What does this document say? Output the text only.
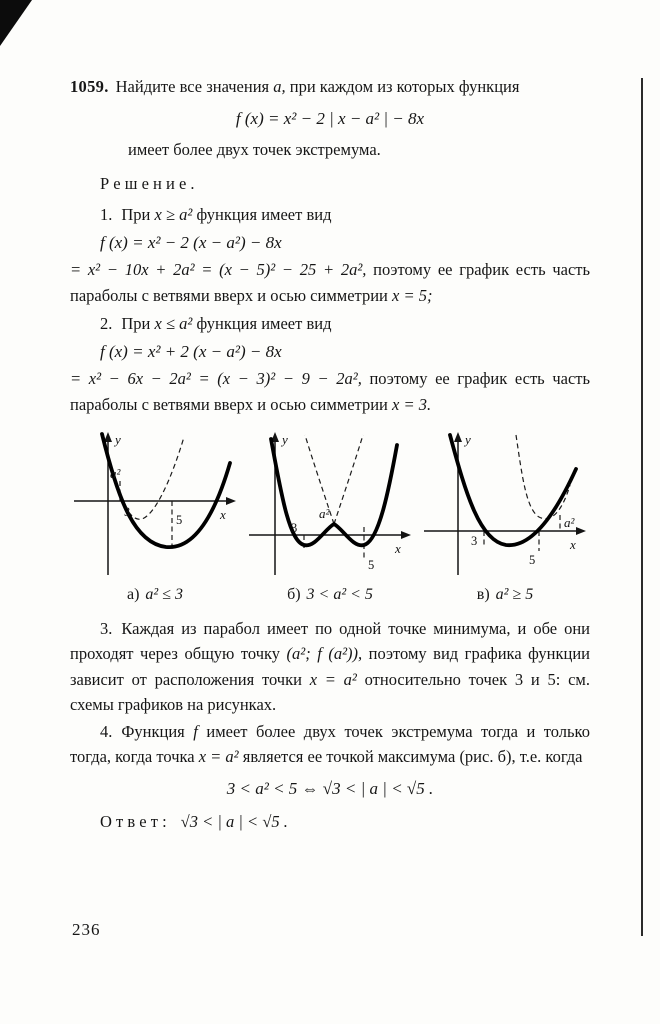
1059. Найдите все значения a, при каждом из которых функция

f (x) = x² − 2 | x − a² | − 8x

имеет более двух точек экстремума.

Р е ш е н и е .

1. При x ≥ a² функция имеет вид

f (x) = x² − 2 (x − a²) − 8x

= x² − 10x + 2a² = (x − 5)² − 25 + 2a², поэтому ее график есть часть параболы с ветвями вверх и осью симметрии x = 5;

2. При x ≤ a² функция имеет вид

f (x) = x² + 2 (x − a²) − 8x

= x² − 6x − 2a² = (x − 3)² − 9 − 2a², поэтому ее график есть часть параболы с ветвями вверх и осью симметрии x = 3.

y
x
a²
3
5
а) a² ≤ 3
y
x
a²
3
5
б) 3 < a² < 5
y
x
a²
3
5
в) a² ≥ 5

3. Каждая из парабол имеет по одной точке минимума, и обе они проходят через общую точку (a²; f (a²)), поэтому вид графика функции зависит от расположения точки x = a² относительно точек 3 и 5: см. схемы графиков на рисунках.

4. Функция f имеет более двух точек экстремума тогда и только тогда, когда точка x = a² является ее точкой максимума (рис. б), т.е. когда

3 < a² < 5 ⇔ √3 < | a | < √5 .

О т в е т : √3 < | a | < √5 .

236
